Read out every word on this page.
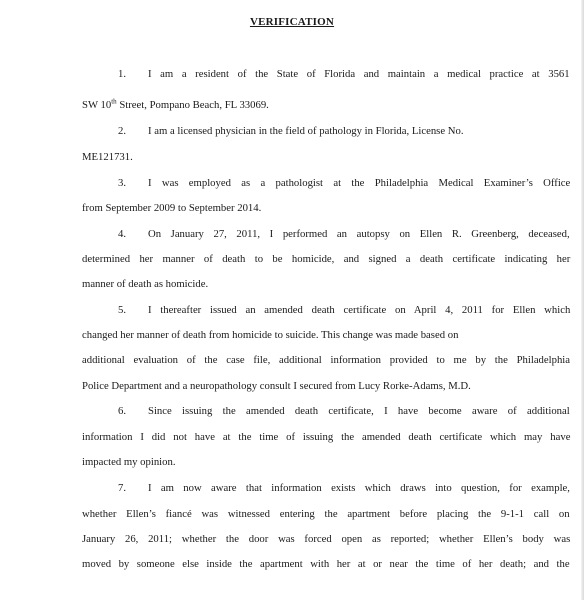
VERIFICATION
1. I am a resident of the State of Florida and maintain a medical practice at 3561
SW 10th Street, Pompano Beach, FL 33069.
2. I am a licensed physician in the field of pathology in Florida, License No.
ME121731.
3. I was employed as a pathologist at the Philadelphia Medical Examiner’s Office
from September 2009 to September 2014.
4. On January 27, 2011, I performed an autopsy on Ellen R. Greenberg, deceased,
determined her manner of death to be homicide, and signed a death certificate indicating her
manner of death as homicide.
5. I thereafter issued an amended death certificate on April 4, 2011 for Ellen which
changed her manner of death from homicide to suicide. This change was made based on
additional evaluation of the case file, additional information provided to me by the Philadelphia
Police Department and a neuropathology consult I secured from Lucy Rorke-Adams, M.D.
6. Since issuing the amended death certificate, I have become aware of additional
information I did not have at the time of issuing the amended death certificate which may have
impacted my opinion.
7. I am now aware that information exists which draws into question, for example,
whether Ellen’s fiancé was witnessed entering the apartment before placing the 9-1-1 call on
January 26, 2011; whether the door was forced open as reported; whether Ellen’s body was
moved by someone else inside the apartment with her at or near the time of her death; and the
